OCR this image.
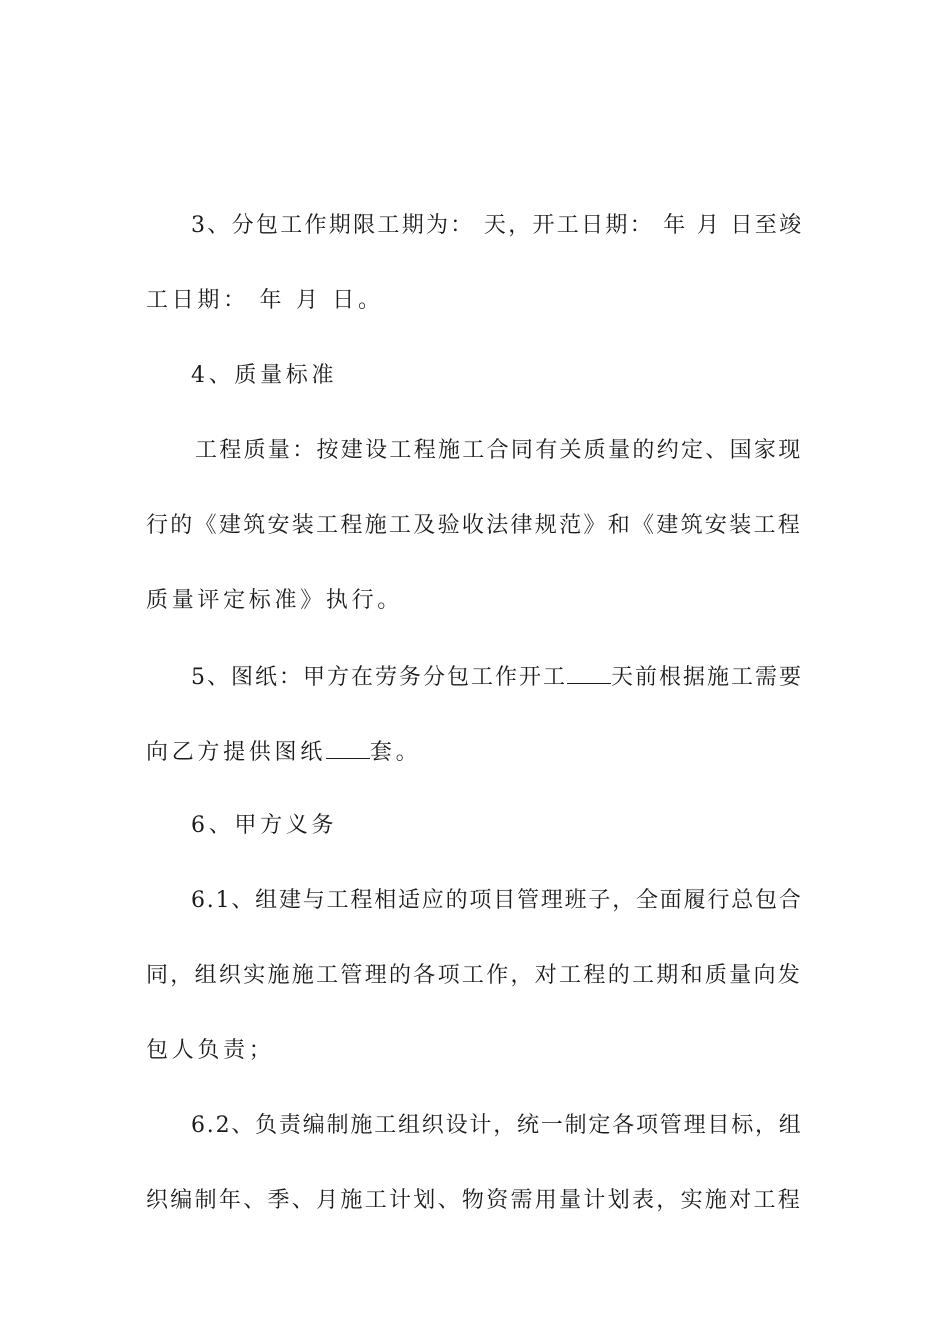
3、分包工作期限工期为： 天，开工日期： 年 月 日至竣
工日期： 年 月 日。
4、质量标准
工程质量：按建设工程施工合同有关质量的约定、国家现
行的《建筑安装工程施工及验收法律规范》和《建筑安装工程
质量评定标准》执行。
5、图纸：甲方在劳务分包工作开工 天前根据施工需要
向乙方提供图纸 套。
6、甲方义务
6.1、组建与工程相适应的项目管理班子，全面履行总包合
同，组织实施施工管理的各项工作，对工程的工期和质量向发
包人负责；
6.2、负责编制施工组织设计，统一制定各项管理目标，组
织编制年、季、月施工计划、物资需用量计划表，实施对工程
